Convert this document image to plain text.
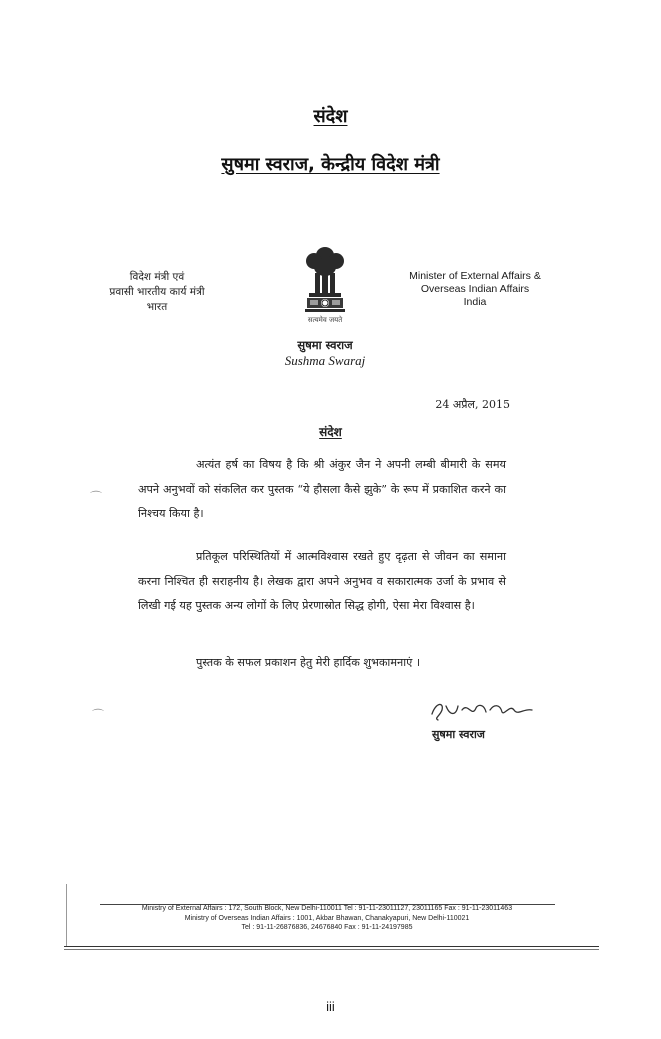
संदेश
सुषमा स्वराज, केन्द्रीय विदेश मंत्री
विदेश मंत्री एवं
प्रवासी भारतीय कार्य मंत्री
भारत
सत्यमेव जयते
Minister of External Affairs &
Overseas Indian Affairs
India
सुषमा स्वराज
Sushma Swaraj
24 अप्रैल, 2015
संदेश
अत्यंत हर्ष का विषय है कि श्री अंकुर जैन ने अपनी लम्बी बीमारी के समय अपने अनुभवों को संकलित कर पुस्तक “ये हौसला कैसे झुके” के रूप में प्रकाशित करने का निश्चय किया है।
प्रतिकूल परिस्थितियों में आत्मविश्वास रखते हुए दृढ़ता से जीवन का समाना करना निश्चित ही सराहनीय है। लेखक द्वारा अपने अनुभव व सकारात्मक उर्जा के प्रभाव से लिखी गई यह पुस्तक अन्य लोगों के लिए प्रेरणास्रोत सिद्ध होगी, ऐसा मेरा विश्वास है।
पुस्तक के सफल प्रकाशन हेतु मेरी हार्दिक शुभकामनाएं ।
⌒
⌒
सुषमा स्वराज
Ministry of External Affairs : 172, South Block, New Delhi-110011 Tel : 91-11-23011127, 23011165 Fax : 91-11-23011463
Ministry of Overseas Indian Affairs : 1001, Akbar Bhawan, Chanakyapuri, New Delhi-110021
Tel : 91-11-26876836, 24676840 Fax : 91-11-24197985
iii
